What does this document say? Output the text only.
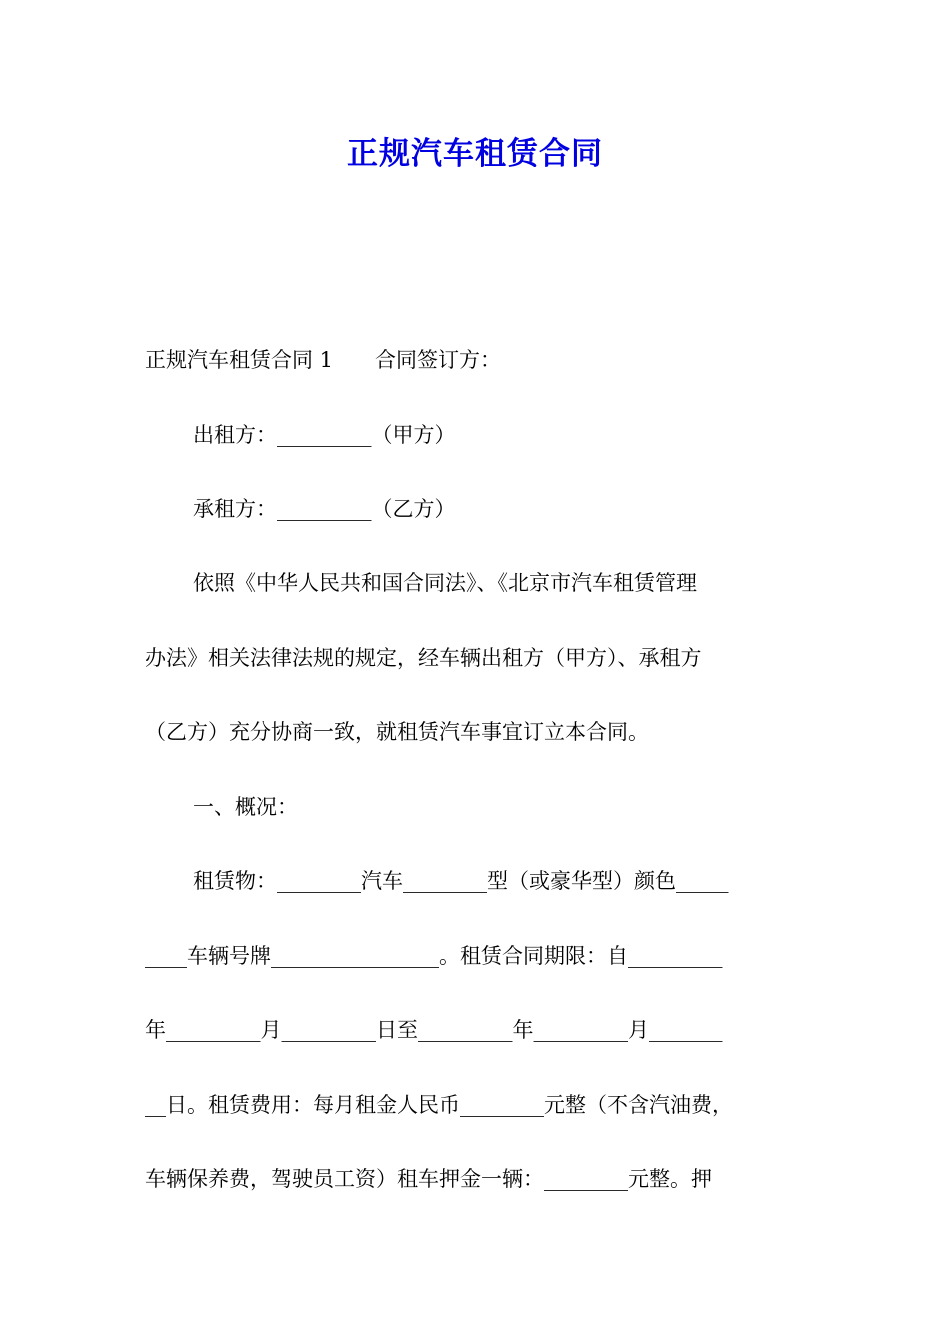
正规汽车租赁合同
正规汽车租赁合同 1　　合同签订方：
出租方：_________（甲方）
承租方：_________（乙方）
依照《中华人民共和国合同法》、《北京市汽车租赁管理
办法》相关法律法规的规定，经车辆出租方（甲方）、承租方
（乙方）充分协商一致，就租赁汽车事宜订立本合同。
一、概况：
租赁物：________汽车________型（或豪华型）颜色_____
____车辆号牌________________。租赁合同期限：自_________
年_________月_________日至_________年_________月_______
__日。租赁费用：每月租金人民币________元整（不含汽油费，
车辆保养费，驾驶员工资）租车押金一辆：________元整。押
